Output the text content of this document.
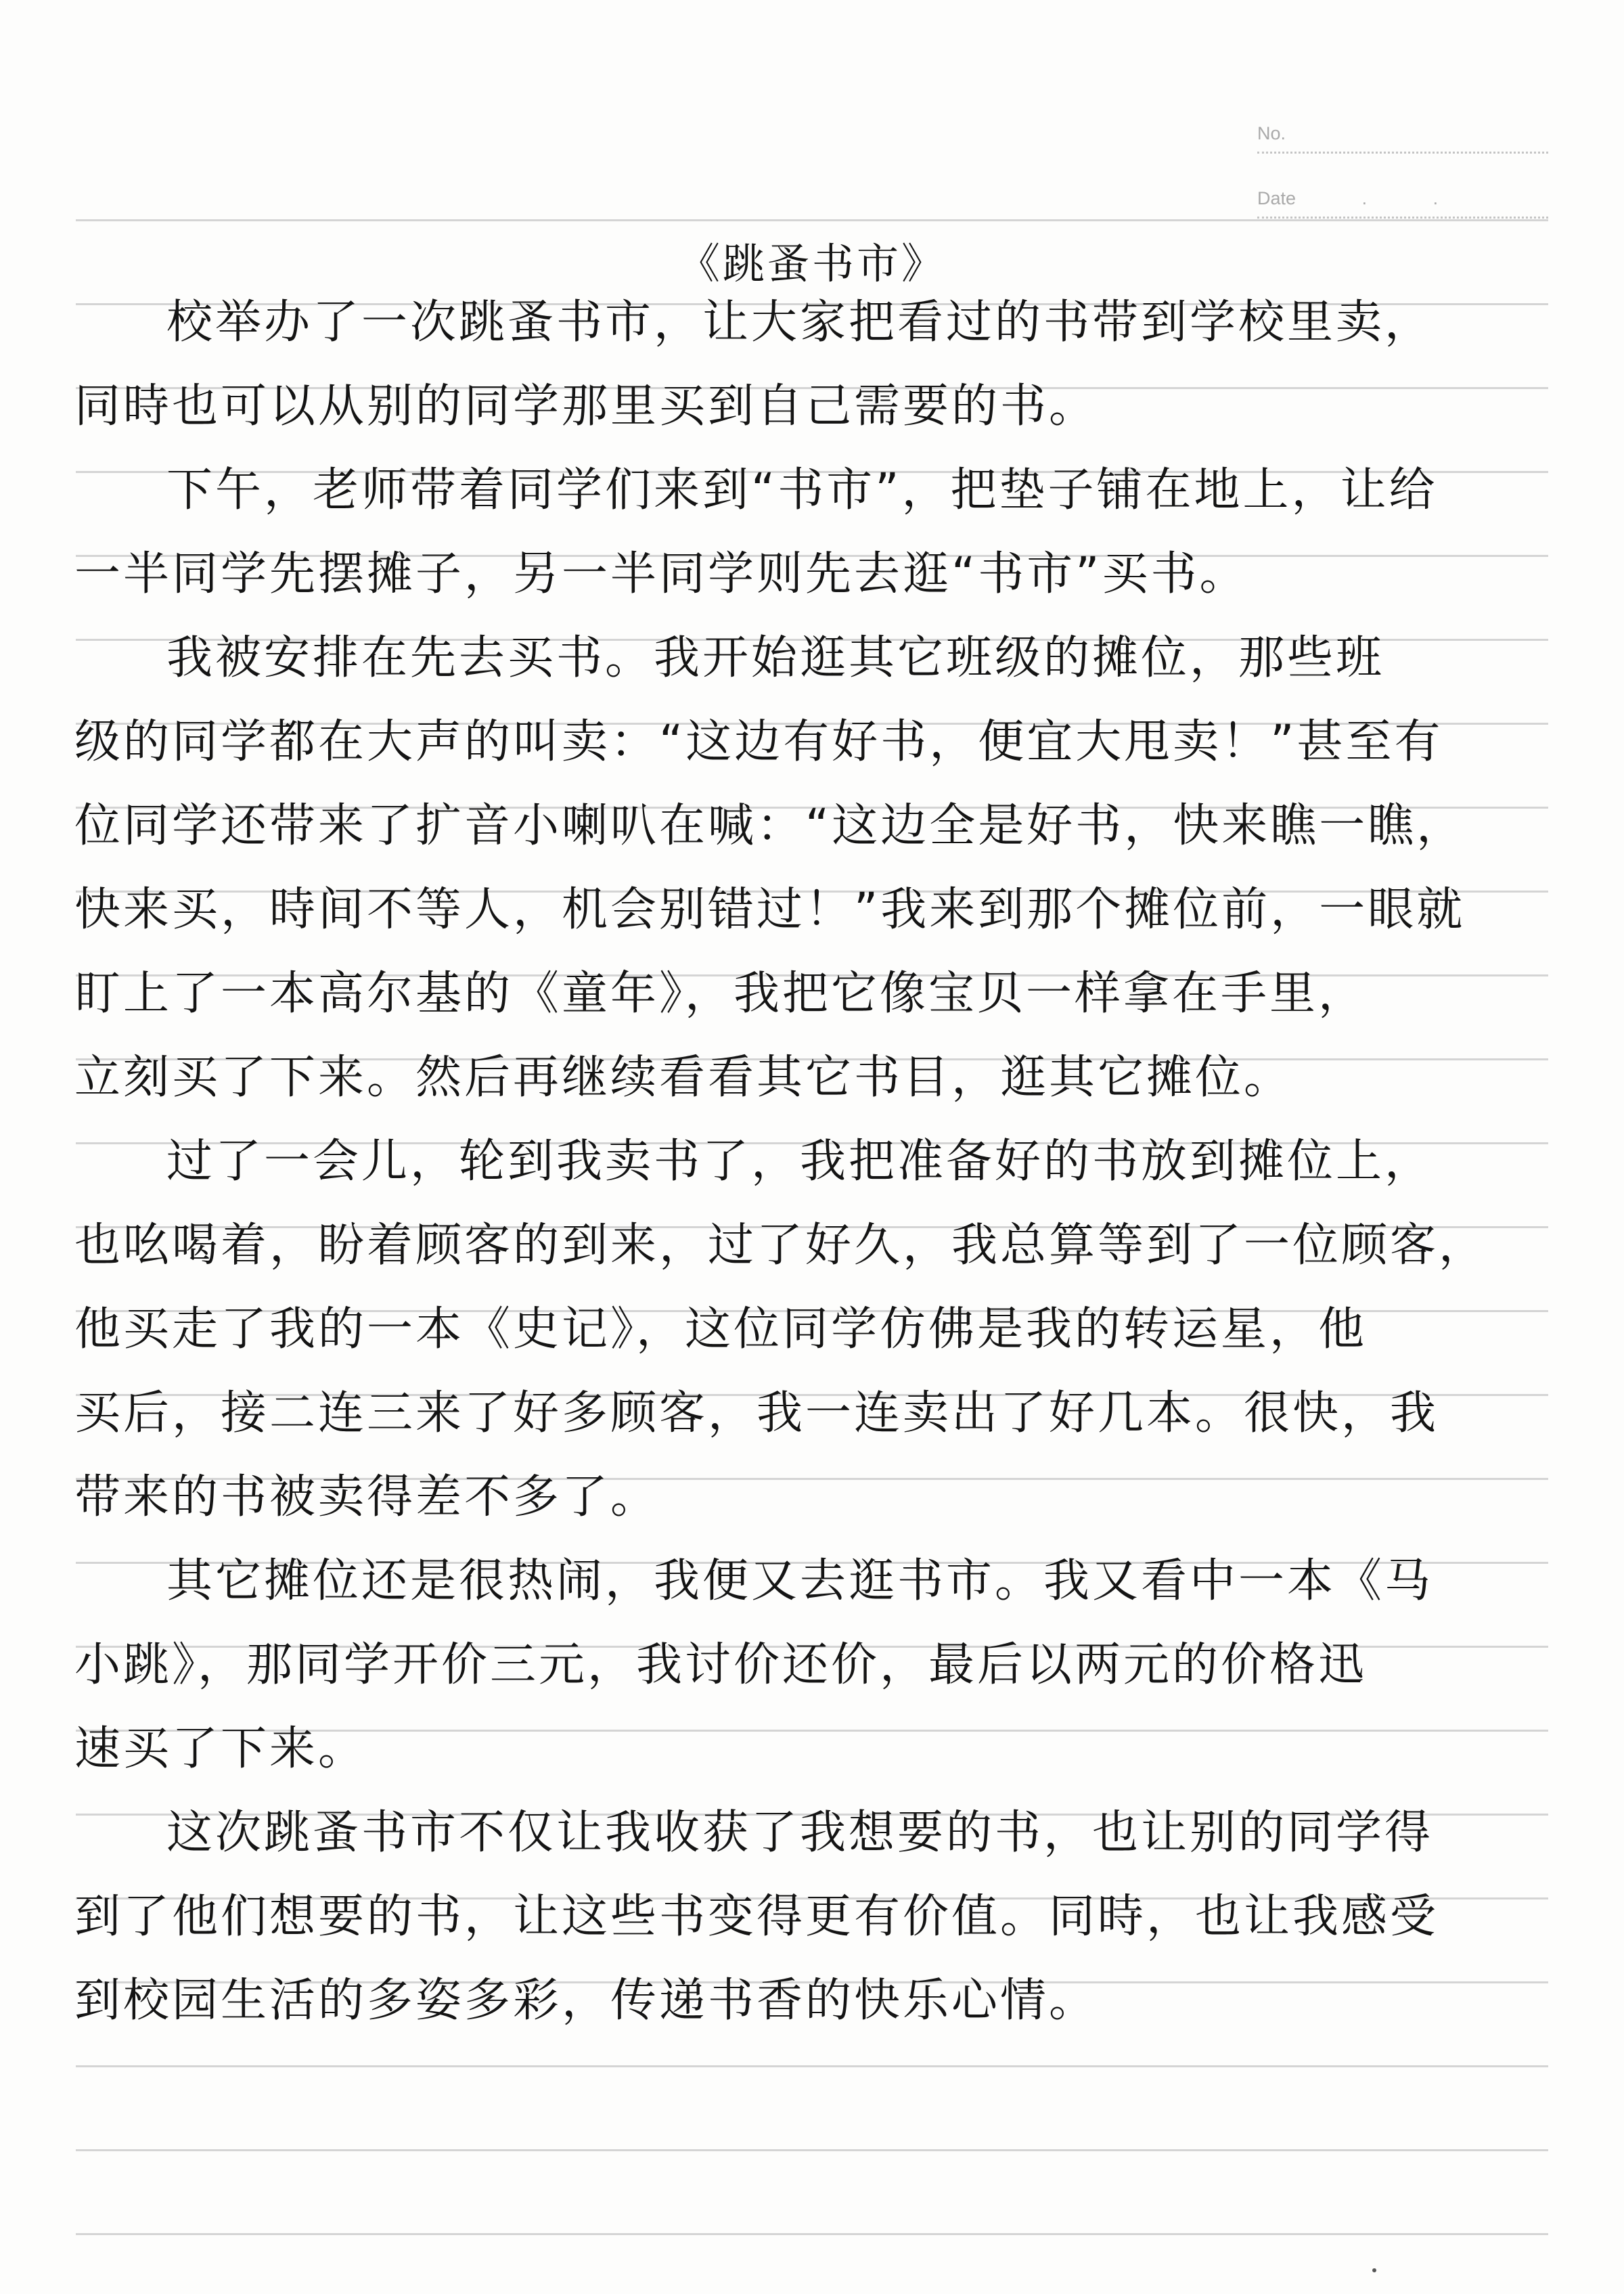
No.
Date	.	.
《跳蚤书市》
校举办了一次跳蚤书市，让大家把看过的书带到学校里卖，
同時也可以从别的同学那里买到自己需要的书。
下午，老师带着同学们来到“书市”，把垫子铺在地上，让给
一半同学先摆摊子，另一半同学则先去逛“书市”买书。
我被安排在先去买书。我开始逛其它班级的摊位，那些班
级的同学都在大声的叫卖：“这边有好书，便宜大甩卖！”甚至有
位同学还带来了扩音小喇叭在喊：“这边全是好书，快来瞧一瞧，
快来买，時间不等人，机会别错过！”我来到那个摊位前，一眼就
盯上了一本高尔基的《童年》，我把它像宝贝一样拿在手里，
立刻买了下来。然后再继续看看其它书目，逛其它摊位。
过了一会儿，轮到我卖书了，我把准备好的书放到摊位上，
也吆喝着，盼着顾客的到来，过了好久，我总算等到了一位顾客，
他买走了我的一本《史记》，这位同学仿佛是我的转运星，他
买后，接二连三来了好多顾客，我一连卖出了好几本。很快，我
带来的书被卖得差不多了。
其它摊位还是很热闹，我便又去逛书市。我又看中一本《马
小跳》，那同学开价三元，我讨价还价，最后以两元的价格迅
速买了下来。
这次跳蚤书市不仅让我收获了我想要的书，也让别的同学得
到了他们想要的书，让这些书变得更有价值。同時，也让我感受
到校园生活的多姿多彩，传递书香的快乐心情。
